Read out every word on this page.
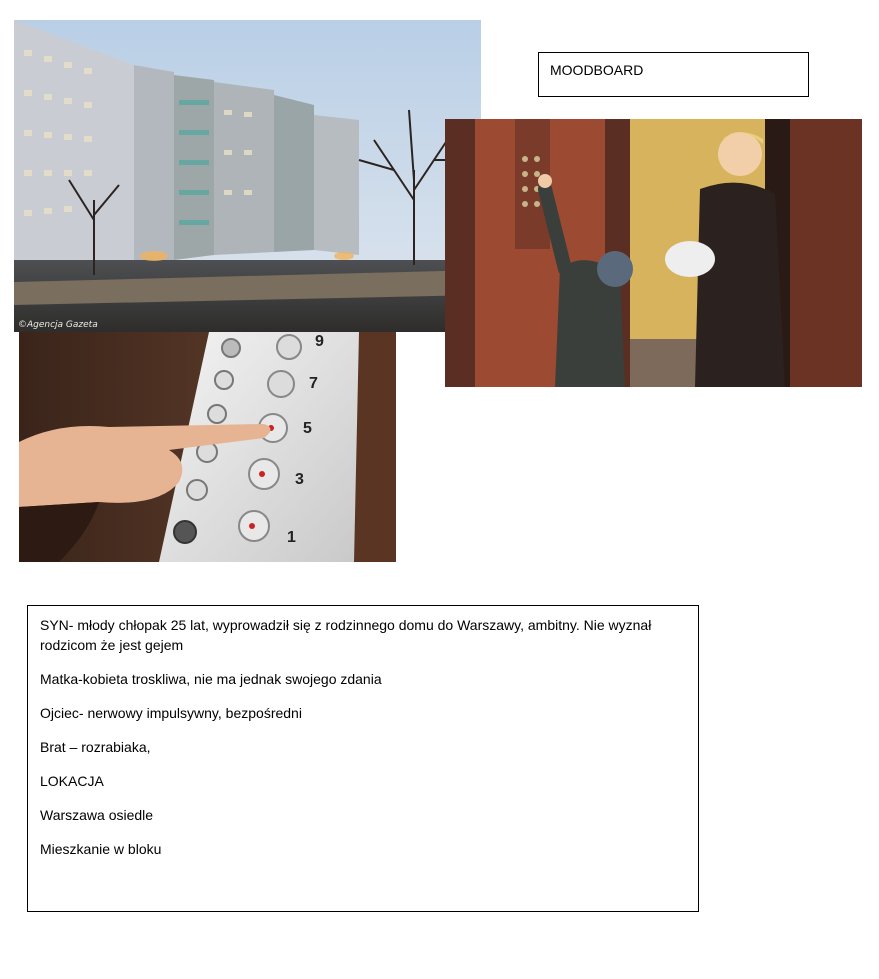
©Agencja Gazeta
9
7
5
3
1
MOODBOARD

SYN- młody chłopak 25 lat, wyprowadził się z rodzinnego domu do Warszawy, ambitny. Nie wyznał rodzicom że jest gejem

Matka-kobieta troskliwa, nie ma jednak swojego zdania

Ojciec- nerwowy impulsywny, bezpośredni

Brat – rozrabiaka,

LOKACJA

Warszawa osiedle

Mieszkanie w bloku
